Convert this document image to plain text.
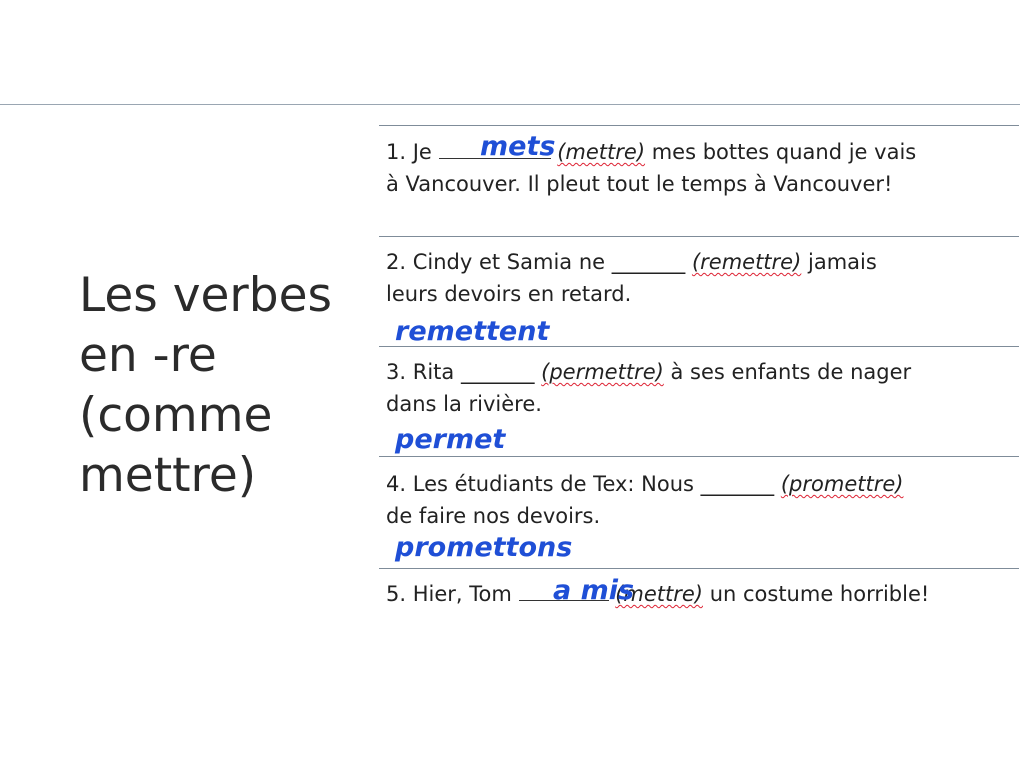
Les verbes
en -re
(comme
mettre)
1. Je	(mettre) mes bottes quand je vais
à Vancouver. Il pleut tout le temps à Vancouver!
mets
2. Cindy et Samia ne _______ (remettre) jamais
leurs devoirs en retard.
remettent
3. Rita _______ (permettre) à ses enfants de nager
dans la rivière.
permet
4. Les étudiants de Tex: Nous _______ (promettre)
de faire nos devoirs.
promettons
5. Hier, Tom	(mettre) un costume horrible!
a mis
